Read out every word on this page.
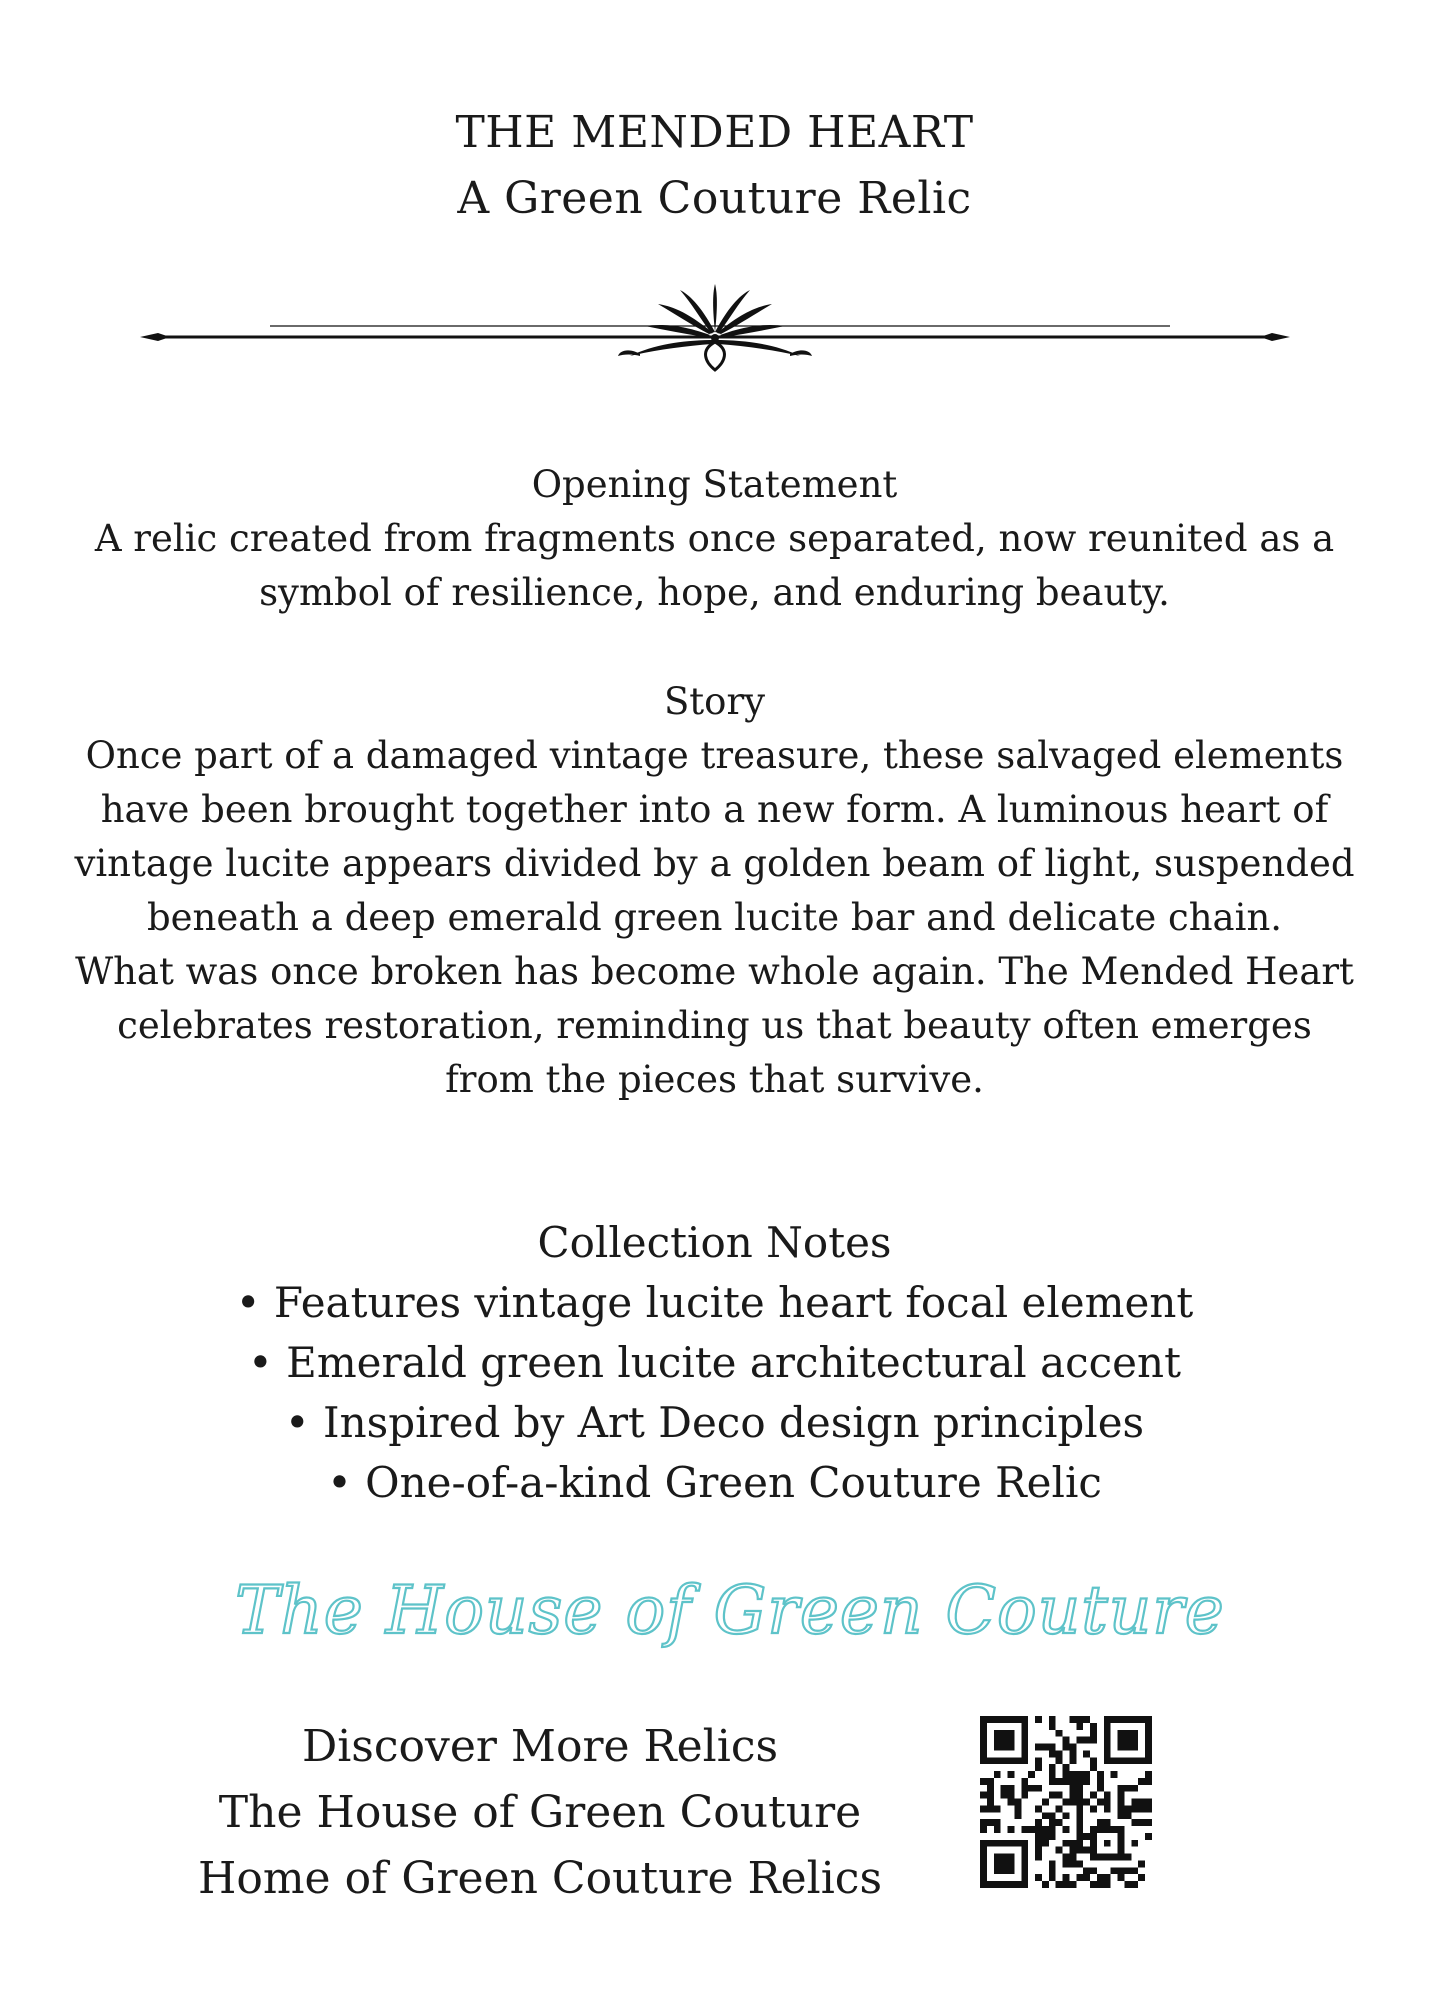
THE MENDED HEART
A Green Couture Relic
Opening Statement
A relic created from fragments once separated, now reunited as a
symbol of resilience, hope, and enduring beauty.
Story
Once part of a damaged vintage treasure, these salvaged elements
have been brought together into a new form. A luminous heart of
vintage lucite appears divided by a golden beam of light, suspended
beneath a deep emerald green lucite bar and delicate chain.
What was once broken has become whole again. The Mended Heart
celebrates restoration, reminding us that beauty often emerges
from the pieces that survive.
Collection Notes
• Features vintage lucite heart focal element
• Emerald green lucite architectural accent
• Inspired by Art Deco design principles
• One-of-a-kind Green Couture Relic
The House of Green Couture
Discover More Relics
The House of Green Couture
Home of Green Couture Relics
